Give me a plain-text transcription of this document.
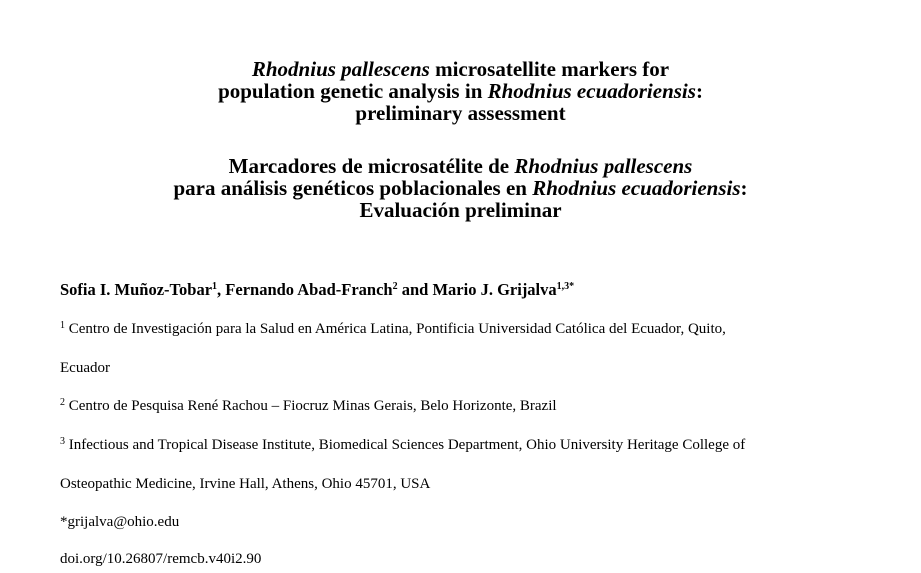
Rhodnius pallescens microsatellite markers for
population genetic analysis in Rhodnius ecuadoriensis:
preliminary assessment
Marcadores de microsatélite de Rhodnius pallescens
para análisis genéticos poblacionales en Rhodnius ecuadoriensis:
Evaluación preliminar
Sofia I. Muñoz-Tobar$^1$, Fernando Abad-Franch$^2$ and Mario J. Grijalva$^{1,3*}$
$^1$ Centro de Investigación para la Salud en América Latina, Pontificia Universidad Católica del Ecuador, Quito,
Ecuador
$^2$ Centro de Pesquisa René Rachou – Fiocruz Minas Gerais, Belo Horizonte, Brazil
$^3$ Infectious and Tropical Disease Institute, Biomedical Sciences Department, Ohio University Heritage College of
Osteopathic Medicine, Irvine Hall, Athens, Ohio 45701, USA
*grijalva@ohio.edu
doi.org/10.26807/remcb.v40i2.90
